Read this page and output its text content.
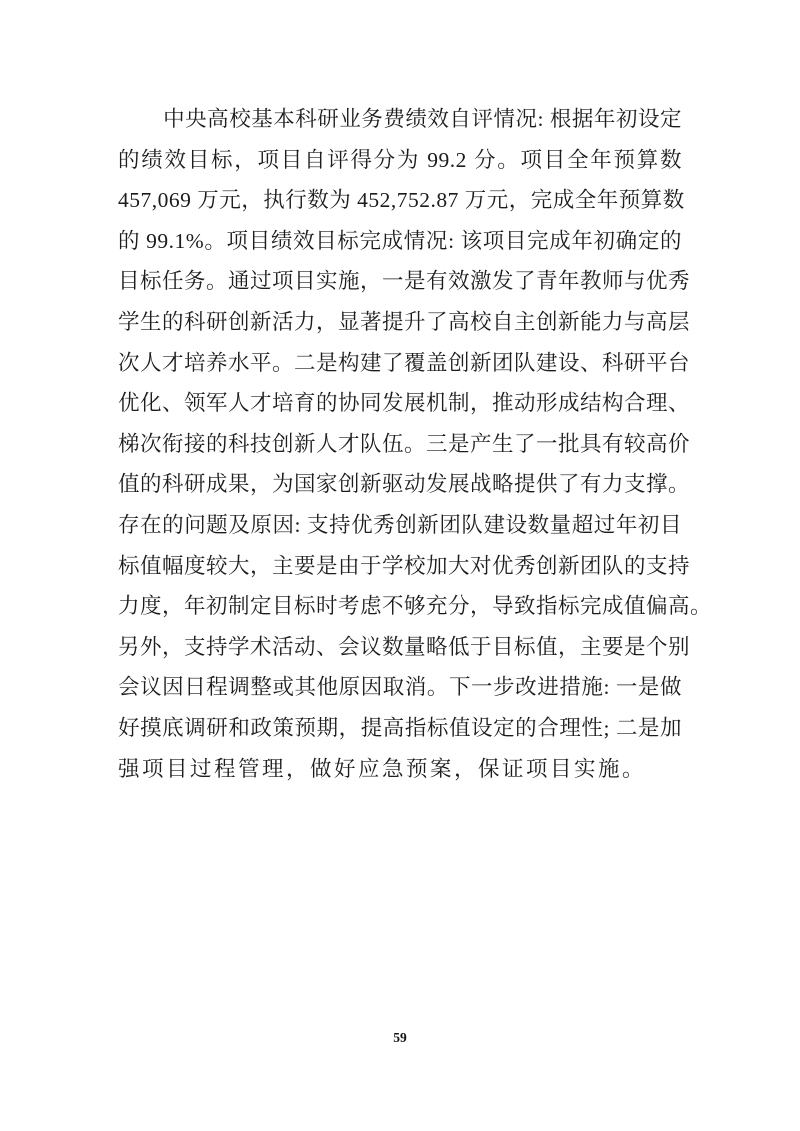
中央高校基本科研业务费绩效自评情况: 根据年初设定
的绩效目标，项目自评得分为 99.2 分。项目全年预算数
457,069 万元，执行数为 452,752.87 万元，完成全年预算数
的 99.1%。项目绩效目标完成情况: 该项目完成年初确定的
目标任务。通过项目实施，一是有效激发了青年教师与优秀
学生的科研创新活力，显著提升了高校自主创新能力与高层
次人才培养水平。二是构建了覆盖创新团队建设、科研平台
优化、领军人才培育的协同发展机制，推动形成结构合理、
梯次衔接的科技创新人才队伍。三是产生了一批具有较高价
值的科研成果，为国家创新驱动发展战略提供了有力支撑。
存在的问题及原因: 支持优秀创新团队建设数量超过年初目
标值幅度较大，主要是由于学校加大对优秀创新团队的支持
力度，年初制定目标时考虑不够充分，导致指标完成值偏高。
另外，支持学术活动、会议数量略低于目标值，主要是个别
会议因日程调整或其他原因取消。下一步改进措施: 一是做
好摸底调研和政策预期，提高指标值设定的合理性; 二是加
强项目过程管理，做好应急预案，保证项目实施。
59
